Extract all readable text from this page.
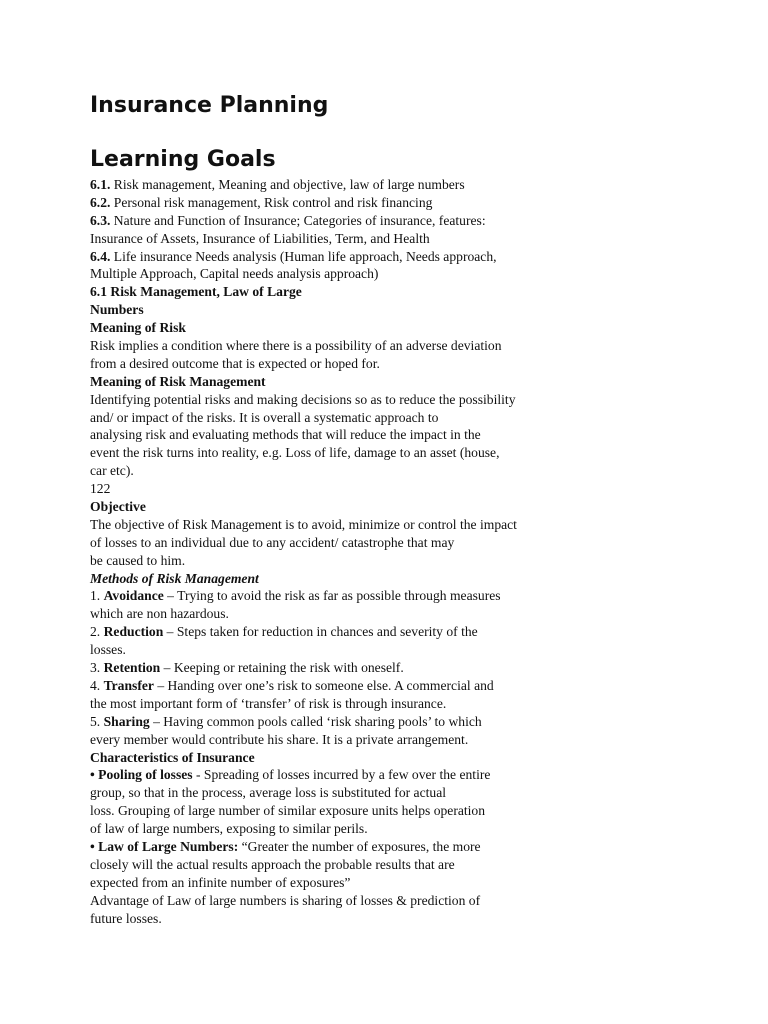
Insurance Planning
Learning Goals
6.1. Risk management, Meaning and objective, law of large numbers
6.2. Personal risk management, Risk control and risk financing
6.3. Nature and Function of Insurance; Categories of insurance, features:
Insurance of Assets, Insurance of Liabilities, Term, and Health
6.4. Life insurance Needs analysis (Human life approach, Needs approach,
Multiple Approach, Capital needs analysis approach)
6.1 Risk Management, Law of Large
Numbers
Meaning of Risk
Risk implies a condition where there is a possibility of an adverse deviation
from a desired outcome that is expected or hoped for.
Meaning of Risk Management
Identifying potential risks and making decisions so as to reduce the possibility
and/ or impact of the risks. It is overall a systematic approach to
analysing risk and evaluating methods that will reduce the impact in the
event the risk turns into reality, e.g. Loss of life, damage to an asset (house,
car etc).
122
Objective
The objective of Risk Management is to avoid, minimize or control the impact
of losses to an individual due to any accident/ catastrophe that may
be caused to him.
Methods of Risk Management
1. Avoidance – Trying to avoid the risk as far as possible through measures
which are non hazardous.
2. Reduction – Steps taken for reduction in chances and severity of the
losses.
3. Retention – Keeping or retaining the risk with oneself.
4. Transfer – Handing over one’s risk to someone else. A commercial and
the most important form of ‘transfer’ of risk is through insurance.
5. Sharing – Having common pools called ‘risk sharing pools’ to which
every member would contribute his share. It is a private arrangement.
Characteristics of Insurance
• Pooling of losses - Spreading of losses incurred by a few over the entire
group, so that in the process, average loss is substituted for actual
loss. Grouping of large number of similar exposure units helps operation
of law of large numbers, exposing to similar perils.
• Law of Large Numbers: “Greater the number of exposures, the more
closely will the actual results approach the probable results that are
expected from an infinite number of exposures”
Advantage of Law of large numbers is sharing of losses & prediction of
future losses.
